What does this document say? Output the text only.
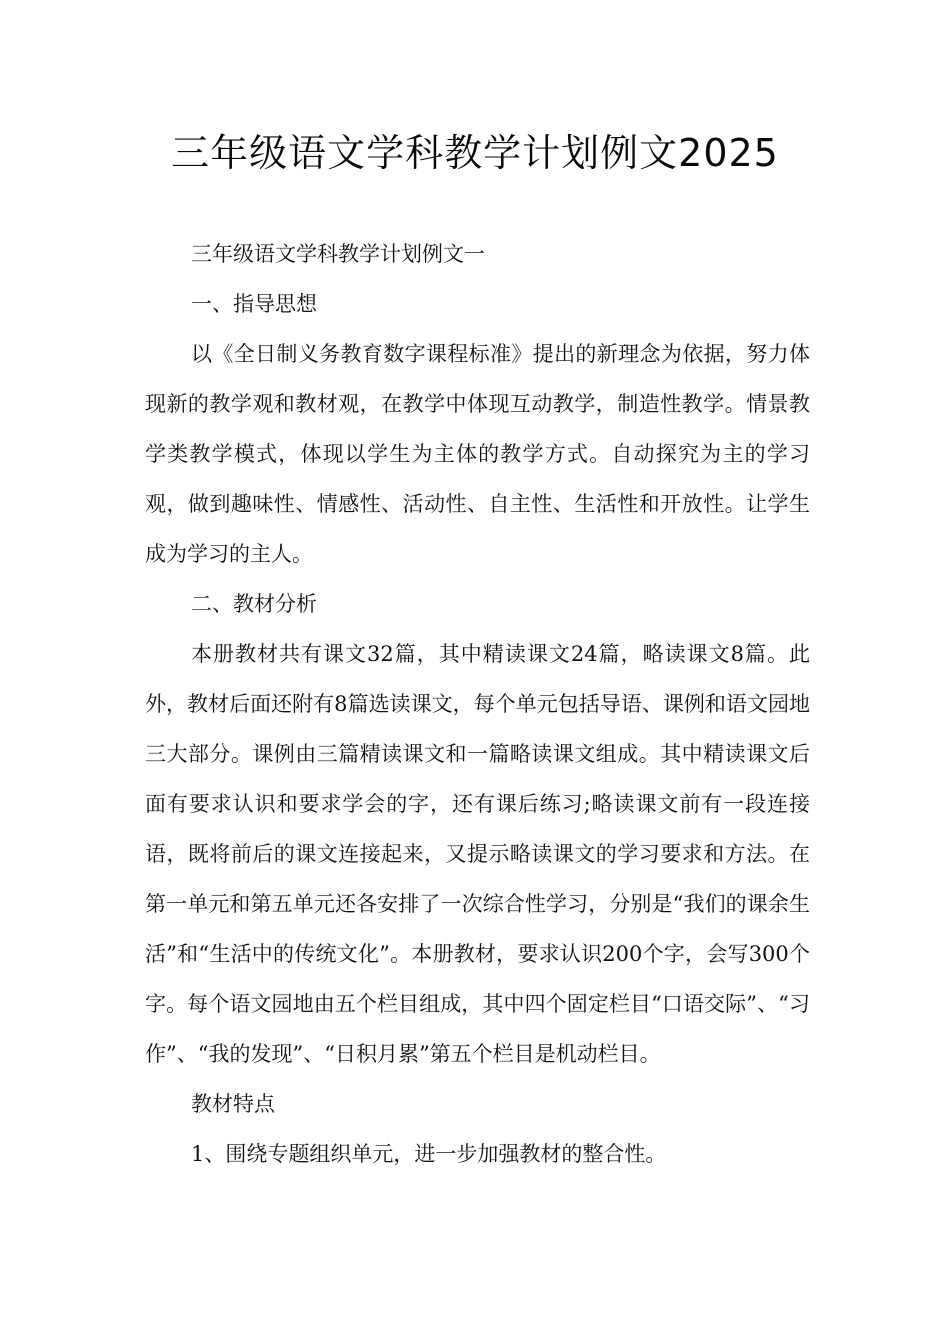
三年级语文学科教学计划例文2025

三年级语文学科教学计划例文一

一、指导思想

以《全日制义务教育数字课程标准》提出的新理念为依据，努力体现新的教学观和教材观，在教学中体现互动教学，制造性教学。情景教学类教学模式，体现以学生为主体的教学方式。自动探究为主的学习观，做到趣味性、情感性、活动性、自主性、生活性和开放性。让学生成为学习的主人。

二、教材分析

本册教材共有课文32篇，其中精读课文24篇，略读课文8篇。此外，教材后面还附有8篇选读课文，每个单元包括导语、课例和语文园地三大部分。课例由三篇精读课文和一篇略读课文组成。其中精读课文后面有要求认识和要求学会的字，还有课后练习;略读课文前有一段连接语，既将前后的课文连接起来，又提示略读课文的学习要求和方法。在第一单元和第五单元还各安排了一次综合性学习，分别是“我们的课余生活”和“生活中的传统文化”。本册教材，要求认识200个字，会写300个字。每个语文园地由五个栏目组成，其中四个固定栏目“口语交际”、“习作”、“我的发现”、“日积月累”第五个栏目是机动栏目。

教材特点

1、围绕专题组织单元，进一步加强教材的整合性。
